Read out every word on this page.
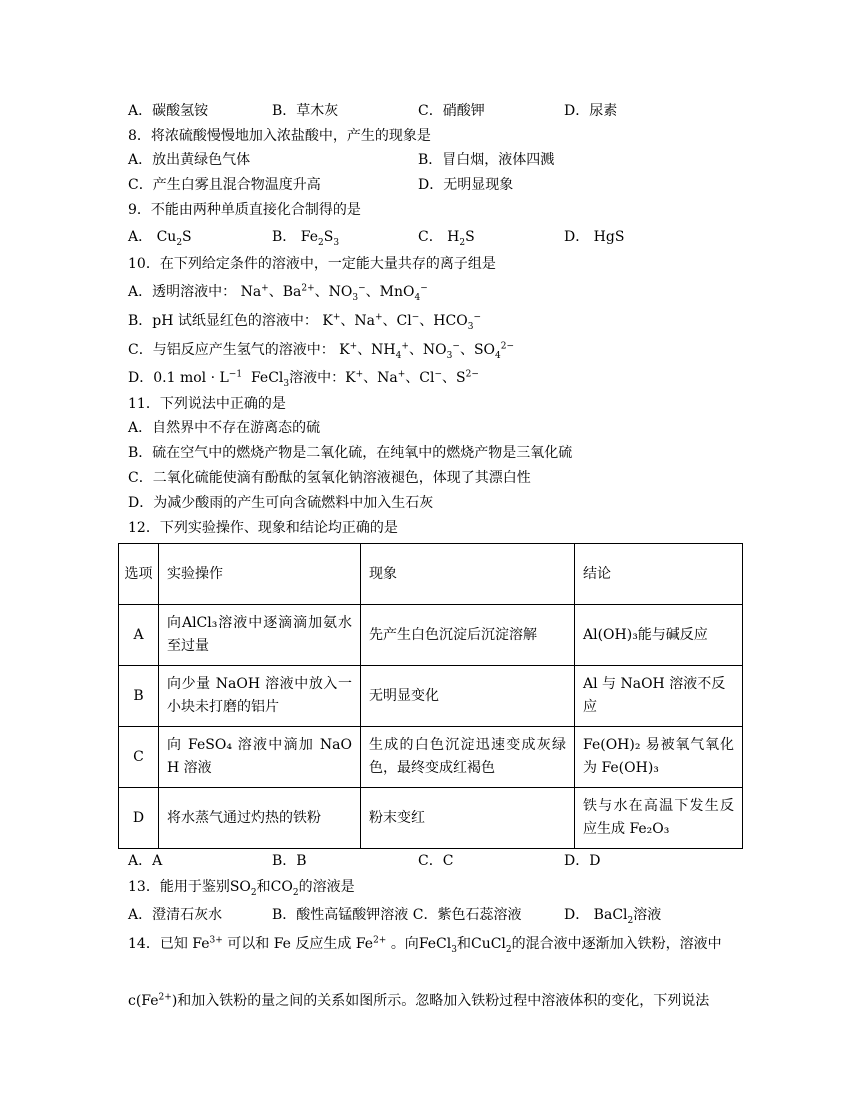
A．碳酸氢铵	B．草木灰	C．硝酸钾	D．尿素
8．将浓硫酸慢慢地加入浓盐酸中，产生的现象是
A．放出黄绿色气体	B．冒白烟，液体四溅
C．产生白雾且混合物温度升高	D．无明显现象
9．不能由两种单质直接化合制得的是
A． $Cu_2S$	B． $Fe_2S_3$	C． $H_2S$	D． HgS
10．在下列给定条件的溶液中，一定能大量共存的离子组是
A．透明溶液中： Na+、$Ba^{2+}$、$NO_3^-$、MnO$_4$−
B．pH 试纸显红色的溶液中： K+、Na+、Cl−、$HCO_3^-$
C．与铝反应产生氢气的溶液中： K+、$NH_4^+$、$NO_3^-$、$SO_4^{2-}$
D．0.1 mol · $L^{-1}$  FeCl$_3$溶液中：K+、Na+、Cl−、$S^{2-}$
11．下列说法中正确的是
A．自然界中不存在游离态的硫
B．硫在空气中的燃烧产物是二氧化硫，在纯氧中的燃烧产物是三氧化硫
C．二氧化硫能使滴有酚酞的氢氧化钠溶液褪色，体现了其漂白性
D．为减少酸雨的产生可向含硫燃料中加入生石灰
12．下列实验操作、现象和结论均正确的是
选项	实验操作	现象	结论
A	向AlCl₃溶液中逐滴滴加氨水至过量	先产生白色沉淀后沉淀溶解	Al(OH)₃能与碱反应
B	向少量 NaOH 溶液中放入一小块未打磨的铝片	无明显变化	Al 与 NaOH 溶液不反应
C	向 FeSO₄ 溶液中滴加 NaOH 溶液	生成的白色沉淀迅速变成灰绿色，最终变成红褐色	Fe(OH)₂ 易被氧气氧化为 Fe(OH)₃
D	将水蒸气通过灼热的铁粉	粉末变红	铁与水在高温下发生反应生成 Fe₂O₃
A．A	B．B	C．C	D．D
13．能用于鉴别$SO_2$和$CO_2$的溶液是
A．澄清石灰水	B．酸性高锰酸钾溶液 C．紫色石蕊溶液	D． BaCl$_2$溶液
14．已知 $Fe^{3+}$ 可以和 Fe 反应生成 $Fe^{2+}$ 。向FeCl$_3$和CuCl$_2$的混合液中逐渐加入铁粉，溶液中
$c(Fe^{2+})$和加入铁粉的量之间的关系如图所示。忽略加入铁粉过程中溶液体积的变化，下列说法
